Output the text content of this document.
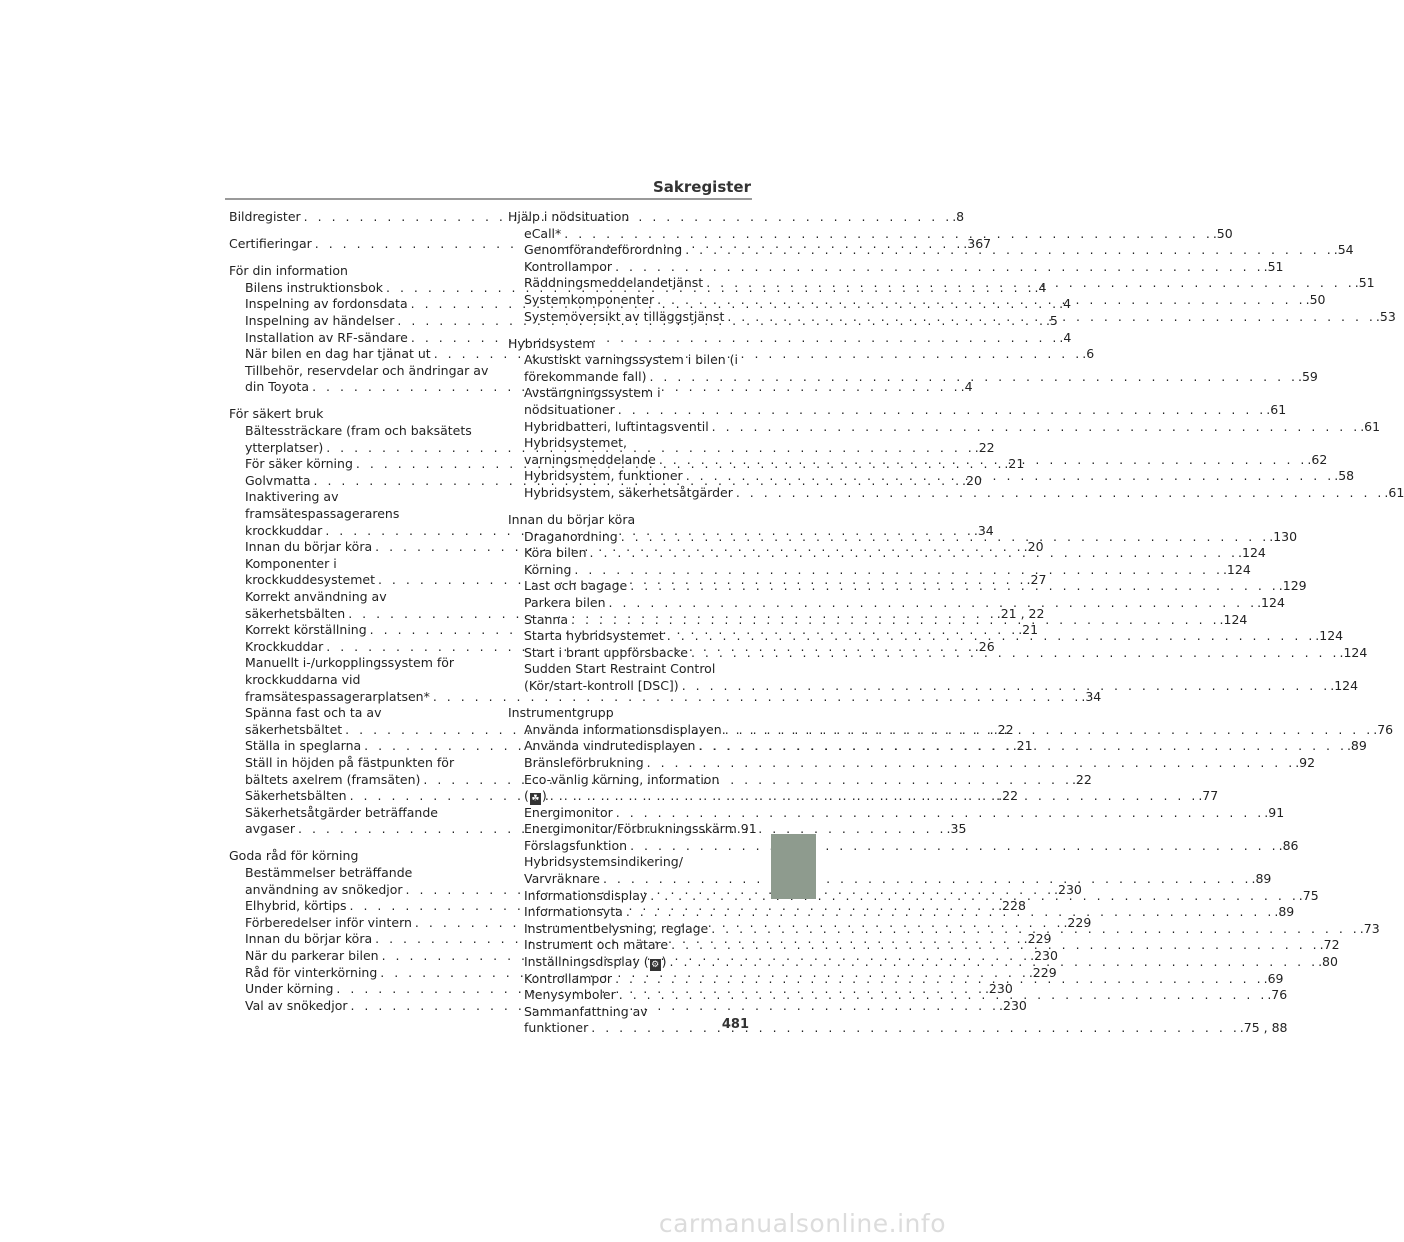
Sakregister
Bildregister . . .	.8
Certifieringar . . .	.367
För din information
Bilens instruktionsbok . . .	.4
Inspelning av fordonsdata . . .	.4
Inspelning av händelser . . .	.5
Installation av RF-sändare . . .	.4
När bilen en dag har tjänat ut . . .	.6
Tillbehör, reservdelar och ändringar av
din Toyota . . .	.4
För säkert bruk
Bältessträckare (fram och baksätets
ytterplatser) . . .	.22
För säker körning . . .	.21
Golvmatta . . .	.20
Inaktivering av
framsätespassagerarens
krockkuddar . . .	.34
Innan du börjar köra . . .	.20
Komponenter i
krockkuddesystemet . . .	.27
Korrekt användning av
säkerhetsbälten . . .	.21 , 22
Korrekt körställning . . .	.21
Krockkuddar . . .	.26
Manuellt i-/urkopplingssystem för
krockkuddarna vid
framsätespassagerarplatsen* . . .	.34
Spänna fast och ta av
säkerhetsbältet . . .	.22
Ställa in speglarna . . .	.21
Ställ in höjden på fästpunkten för
bältets axelrem (framsäten) . . .	.22
Säkerhetsbälten . . .	.22
Säkerhetsåtgärder beträffande
avgaser . . .	.35
Goda råd för körning
Bestämmelser beträffande
användning av snökedjor . . .	.230
Elhybrid, körtips . . .	.228
Förberedelser inför vintern . . .	.229
Innan du börjar köra . . .	.229
När du parkerar bilen . . .	.230
Råd för vinterkörning . . .	.229
Under körning . . .	.230
Val av snökedjor . . .	.230
Hjälp i nödsituation
eCall* . . .	.50
Genomförandeförordning . . .	.54
Kontrollampor . . .	.51
Räddningsmeddelandetjänst . . .	.51
Systemkomponenter . . .	.50
Systemöversikt av tilläggstjänst . . .	.53
Hybridsystem
Akustiskt varningssystem i bilen (i
förekommande fall) . . .	.59
Avstängningssystem i
nödsituationer . . .	.61
Hybridbatteri, luftintagsventil . . .	.61
Hybridsystemet,
varningsmeddelande . . .	.62
Hybridsystem, funktioner . . .	.58
Hybridsystem, säkerhetsåtgärder . . .	.61
Innan du börjar köra
Draganordning . . .	.130
Köra bilen . . .	.124
Körning . . .	.124
Last och bagage . . .	.129
Parkera bilen . . .	.124
Stanna . . .	.124
Starta hybridsystemet . . .	.124
Start i brant uppförsbacke . . .	.124
Sudden Start Restraint Control
(Kör/start-kontroll [DSC]) . . .	.124
Instrumentgrupp
Använda informationsdisplayen . . .	.76
Använda vindrutedisplayen . . .	.89
Bränsleförbrukning . . .	.92
Eco-vänlig körning, information
( ☘ ) . . .	.77
Energimonitor . . .	.91
Energimonitor/Förbrukningsskärm .91
Förslagsfunktion . . .	.86
Hybridsystemsindikering/
Varvräknare . . .	.89
Informationsdisplay . . .	.75
Informationsyta . . .	.89
Instrumentbelysning, reglage . . .	.73
Instrument och mätare . . .	.72
Inställningsdisplay ( ⚙ ) . . .	.80
Kontrollampor . . .	.69
Menysymboler . . .	.76
Sammanfattning av
funktioner . . .	.75 , 88
481
carmanualsonline.info
